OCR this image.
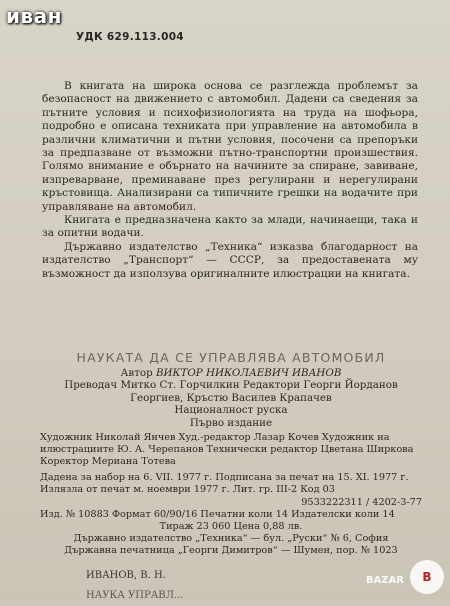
иван
УДК 629.113.004

В книгата на широка основа се разглежда проблемът за безопасност на движението с автомобил. Дадени са сведения за пътните условия и психофизиологията на труда на шофьора, подробно е описана техниката при управление на автомобила в различни климатични и пътни условия, посочени са препоръки за предпазване от възможни пътно-транспортни произшествия. Голямо внимание е обърнато на начините за спиране, завиване, изпреварване, преминаване през регулирани и нерегулирани кръстовища. Анализирани са типичните грешки на водачите при управляване на автомобил.

Книгата е предназначена както за млади, начинаещи, така и за опитни водачи.

Държавно издателство „Техника“ изказва благодарност на издателство „Транспорт“ — СССР, за предоставената му възможност да използува оригиналните илюстрации на книгата.

НАУКАТА ДА СЕ УПРАВЛЯВА АВТОМОБИЛ
Автор ВИКТОР НИКОЛАЕВИЧ ИВАНОВ
Преводач Митко Ст. Горчилкин Редактори Георги Йорданов Георгиев, Кръстю Василев Крапачев
Националност руска
Първо издание
Художник Николай Янчев Худ.-редактор Лазар Кочев Художник на илюстрациите Ю. А. Черепанов Технически редактор Цветана Шиpкова Коректор Мериана Тотева
Дадена за набор на 6. VII. 1977 г. Подписана за печат на 15. XI. 1977 г.
Излязла от печат м. ноември 1977 г. Лит. гр. III-2 Код 03
9533222311 / 4202-3-77
Изд. № 10883 Формат 60/90/16 Печатни коли 14 Издателски коли 14
Тираж 23 060 Цена 0,88 лв.
Държавно издателство „Техника“ — бул. „Руски“ № 6, София
Държавна печатница „Георги Димитров“ — Шумен, пор. № 1023
ИВАНОВ, В. Н.
НАУКА УПРАВЛ...
BAZAR	B
